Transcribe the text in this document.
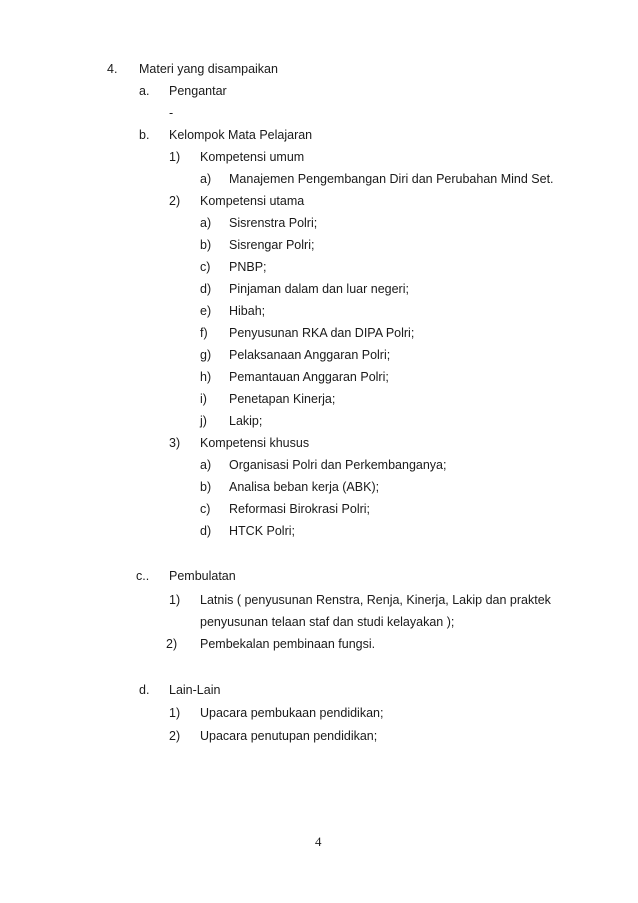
4. Materi yang disampaikan
a. Pengantar
-
b. Kelompok Mata Pelajaran
1) Kompetensi umum
a) Manajemen Pengembangan Diri dan Perubahan Mind Set.
2) Kompetensi utama
a) Sisrenstra Polri;
b) Sisrengar Polri;
c) PNBP;
d) Pinjaman dalam dan luar negeri;
e) Hibah;
f) Penyusunan RKA dan DIPA Polri;
g) Pelaksanaan Anggaran Polri;
h) Pemantauan Anggaran Polri;
i) Penetapan Kinerja;
j) Lakip;
3) Kompetensi khusus
a) Organisasi Polri dan Perkembanganya;
b) Analisa beban kerja (ABK);
c) Reformasi Birokrasi Polri;
d) HTCK Polri;
c.. Pembulatan
1) Latnis ( penyusunan Renstra, Renja, Kinerja, Lakip dan praktek
penyusunan telaan staf dan studi kelayakan );
2) Pembekalan pembinaan fungsi.
d. Lain-Lain
1) Upacara pembukaan pendidikan;
2) Upacara penutupan pendidikan;
4
